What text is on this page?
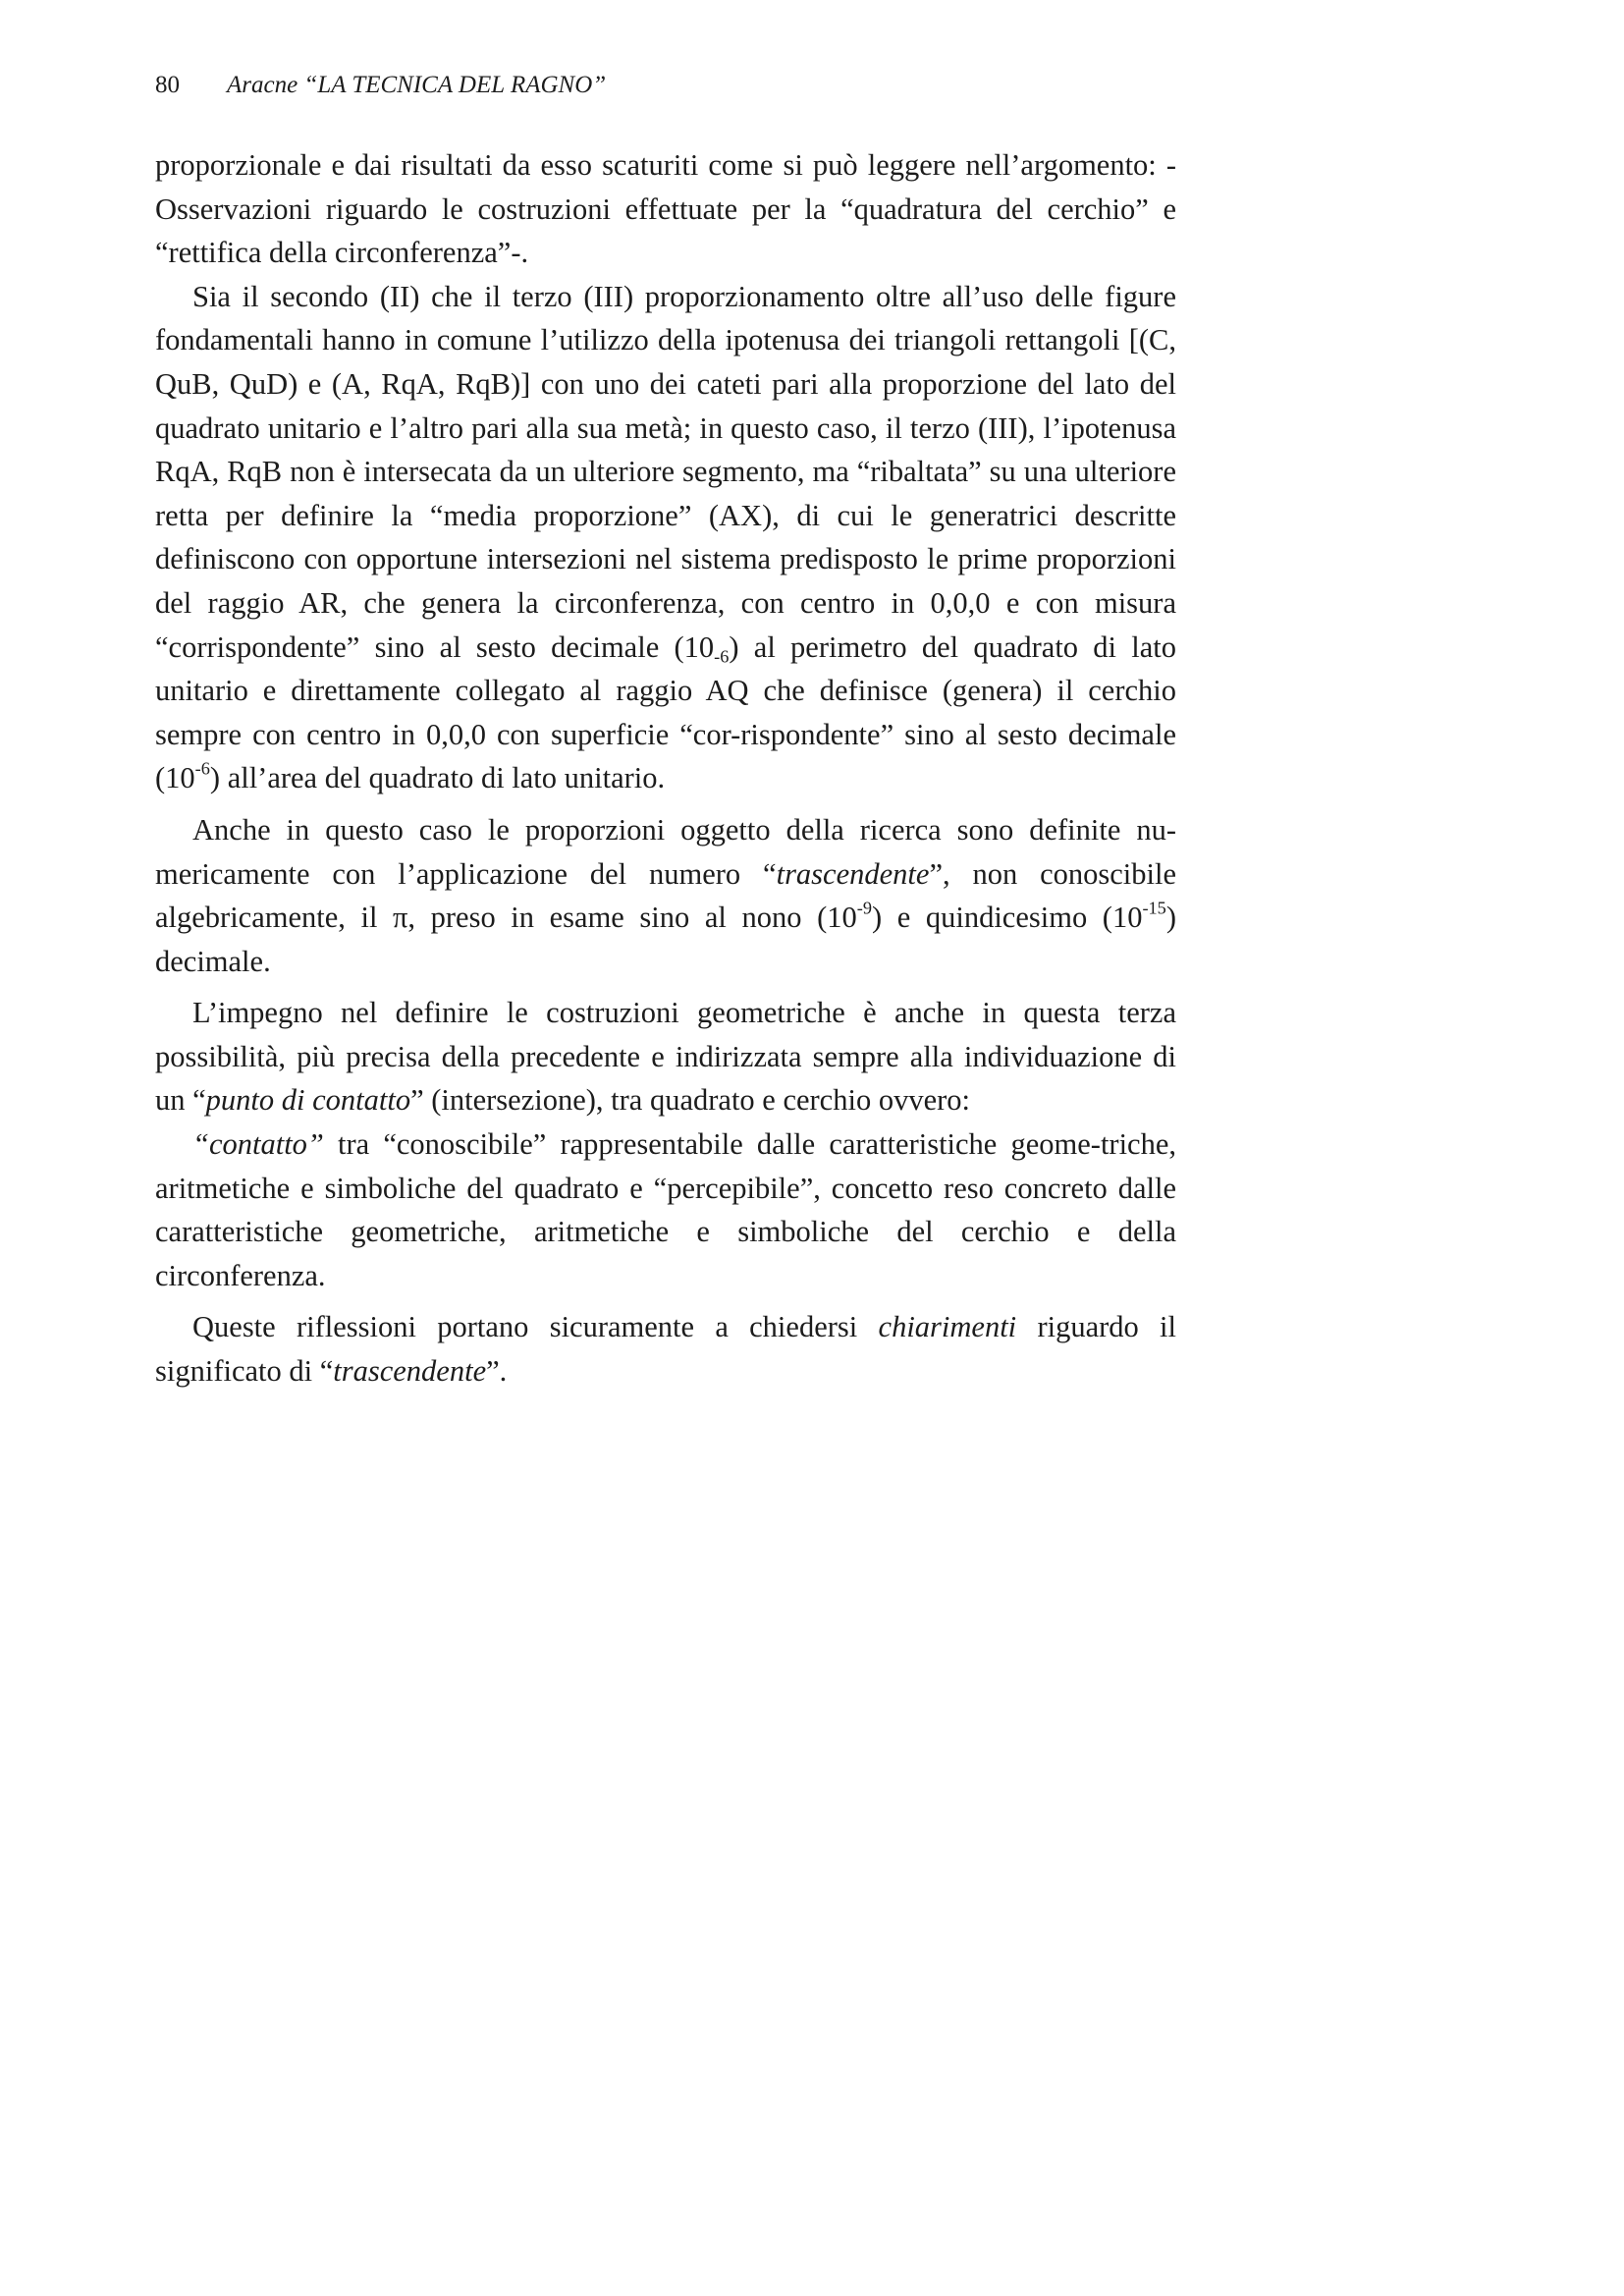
80 Aracne “LA TECNICA DEL RAGNO”

proporzionale e dai risultati da esso scaturiti come si può leggere nell’argomento: -Osservazioni riguardo le costruzioni effettuate per la “quadratura del cerchio” e “rettifica della circonferenza”-.

Sia il secondo (II) che il terzo (III) proporzionamento oltre all’uso delle figure fondamentali hanno in comune l’utilizzo della ipotenusa dei triangoli rettangoli [(C, QuB, QuD) e (A, RqA, RqB)] con uno dei cateti pari alla proporzione del lato del quadrato unitario e l’altro pari alla sua metà; in questo caso, il terzo (III), l’ipotenusa RqA, RqB non è intersecata da un ulteriore segmento, ma “ribaltata” su una ulteriore retta per definire la “media proporzione” (AX), di cui le generatrici descritte definiscono con opportune intersezioni nel sistema predisposto le prime proporzioni del raggio AR, che genera la circonferenza, con centro in 0,0,0 e con misura “corrispondente” sino al sesto decimale $(10_{-6})$ al perimetro del quadrato di lato unitario e direttamente collegato al raggio AQ che definisce (genera) il cerchio sempre con centro in 0,0,0 con superficie “cor-rispondente” sino al sesto decimale $(10^{-6})$ all’area del quadrato di lato unitario.

Anche in questo caso le proporzioni oggetto della ricerca sono definite nu-mericamente con l’applicazione del numero “trascendente”, non conoscibile algebricamente, il π, preso in esame sino al nono $(10^{-9})$ e quindicesimo $(10^{-15})$ decimale.

L’impegno nel definire le costruzioni geometriche è anche in questa terza possibilità, più precisa della precedente e indirizzata sempre alla individuazione di un “punto di contatto” (intersezione), tra quadrato e cerchio ovvero:

“contatto” tra “conoscibile” rappresentabile dalle caratteristiche geome-triche, aritmetiche e simboliche del quadrato e “percepibile”, concetto reso concreto dalle caratteristiche geometriche, aritmetiche e simboliche del cerchio e della circonferenza.

Queste riflessioni portano sicuramente a chiedersi chiarimenti riguardo il significato di “trascendente”.
